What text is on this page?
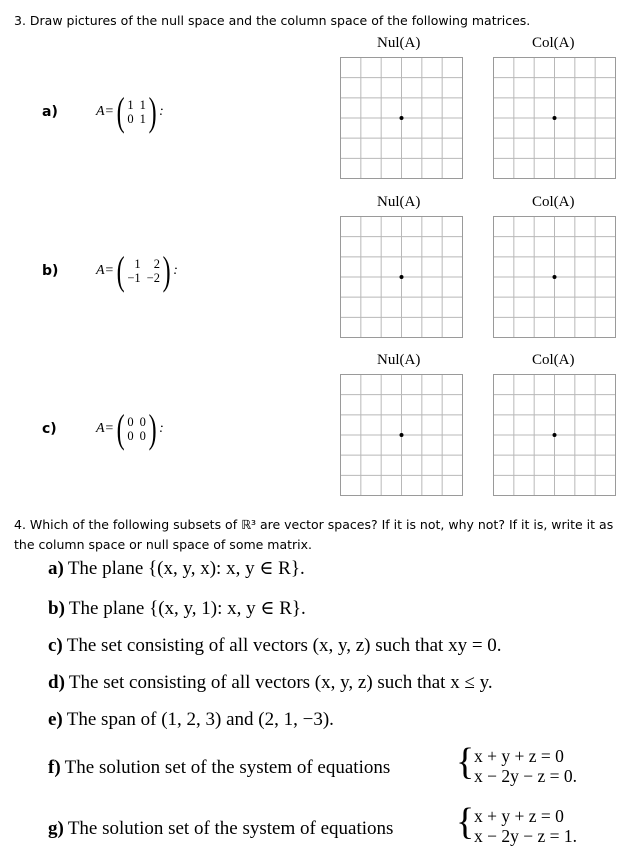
3. Draw pictures of the null space and the column space of the following matrices.
Nul(A)	Col(A)
Nul(A)	Col(A)
Nul(A)	Col(A)
a)
b)
c)
A= ( 1 1
0 1 ) :
A= ( 1	2
−1 −2 ) :
A= ( 0 0
0 0 ) :
4. Which of the following subsets of ℝ³ are vector spaces? If it is not, why not? If it is, write it as the column space or null space of some matrix.
a) The plane {(x, y, x): x, y ∈ R}.
b) The plane {(x, y, 1): x, y ∈ R}.
c) The set consisting of all vectors (x, y, z) such that xy = 0.
d) The set consisting of all vectors (x, y, z) such that x ≤ y.
e) The span of (1, 2, 3) and (2, 1, −3).
f) The solution set of the system of equations { x + y + z = 0
x − 2y − z = 0.
g) The solution set of the system of equations { x + y + z = 0
x − 2y − z = 1.
